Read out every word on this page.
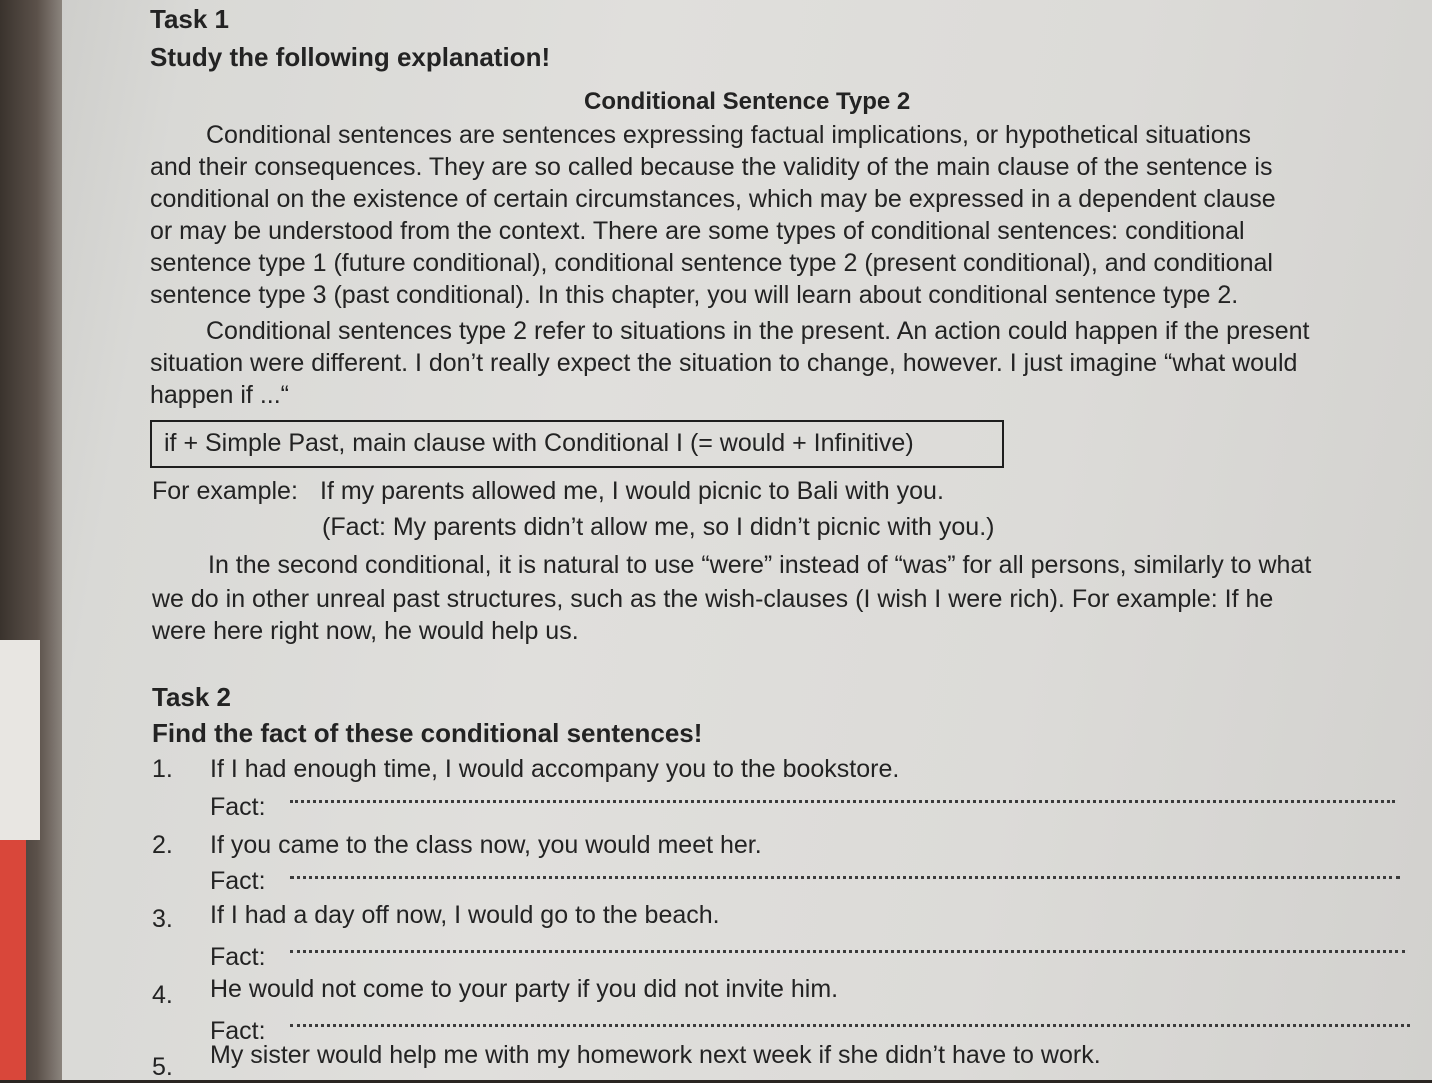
Task 1
Study the following explanation!
Conditional Sentence Type 2
Conditional sentences are sentences expressing factual implications, or hypothetical situations
and their consequences. They are so called because the validity of the main clause of the sentence is
conditional on the existence of certain circumstances, which may be expressed in a dependent clause
or may be understood from the context. There are some types of conditional sentences: conditional
sentence type 1 (future conditional), conditional sentence type 2 (present conditional), and conditional
sentence type 3 (past conditional). In this chapter, you will learn about conditional sentence type 2.
Conditional sentences type 2 refer to situations in the present. An action could happen if the present
situation were different. I don’t really expect the situation to change, however. I just imagine “what would
happen if ...“
if + Simple Past, main clause with Conditional I (= would + Infinitive)
For example: If my parents allowed me, I would picnic to Bali with you.
(Fact: My parents didn’t allow me, so I didn’t picnic with you.)
In the second conditional, it is natural to use “were” instead of “was” for all persons, similarly to what
we do in other unreal past structures, such as the wish-clauses (I wish I were rich). For example: If he
were here right now, he would help us.
Task 2
Find the fact of these conditional sentences!
1. If I had enough time, I would accompany you to the bookstore.
Fact:
2. If you came to the class now, you would meet her.
Fact:
3. If I had a day off now, I would go to the beach.
Fact:
4. He would not come to your party if you did not invite him.
Fact:
5. My sister would help me with my homework next week if she didn’t have to work.
